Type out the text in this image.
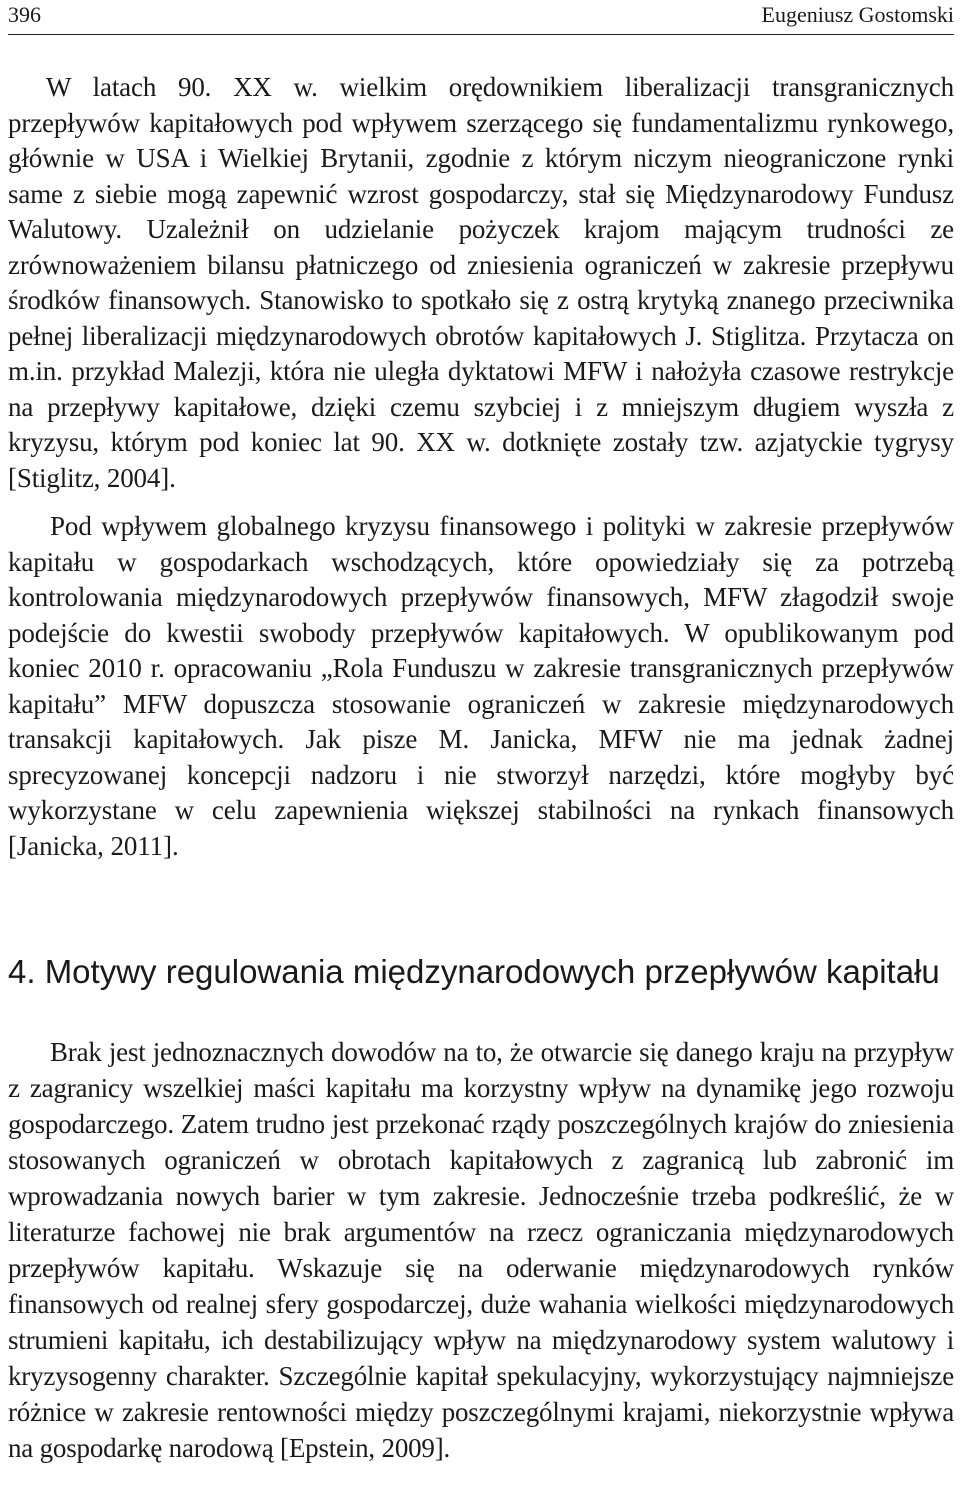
396	Eugeniusz Gostomski

W latach 90. XX w. wielkim orędownikiem liberalizacji transgranicznych przepływów kapitałowych pod wpływem szerzącego się fundamentalizmu rynkowego, głównie w USA i Wielkiej Brytanii, zgodnie z którym niczym nieograniczone rynki same z siebie mogą zapewnić wzrost gospodarczy, stał się Międzynarodowy Fundusz Walutowy. Uzależnił on udzielanie pożyczek krajom mającym trudności ze zrównoważeniem bilansu płatniczego od zniesienia ograniczeń w zakresie przepływu środków finansowych. Stanowisko to spotkało się z ostrą krytyką znanego przeciwnika pełnej liberalizacji międzynarodowych obrotów kapitałowych J. Stiglitza. Przytacza on m.in. przykład Malezji, która nie uległa dyktatowi MFW i nałożyła czasowe restrykcje na przepływy kapitałowe, dzięki czemu szybciej i z mniejszym długiem wyszła z kryzysu, którym pod koniec lat 90. XX w. dotknięte zostały tzw. azjatyckie tygrysy [Stiglitz, 2004].

Pod wpływem globalnego kryzysu finansowego i polityki w zakresie przepływów kapitału w gospodarkach wschodzących, które opowiedziały się za potrzebą kontrolowania międzynarodowych przepływów finansowych, MFW złagodził swoje podejście do kwestii swobody przepływów kapitałowych. W opublikowanym pod koniec 2010 r. opracowaniu „Rola Funduszu w zakresie transgranicznych przepływów kapitału” MFW dopuszcza stosowanie ograniczeń w zakresie międzynarodowych transakcji kapitałowych. Jak pisze M. Janicka, MFW nie ma jednak żadnej sprecyzowanej koncepcji nadzoru i nie stworzył narzędzi, które mogłyby być wykorzystane w celu zapewnienia większej stabilności na rynkach finansowych [Janicka, 2011].

4. Motywy regulowania międzynarodowych przepływów kapitału

Brak jest jednoznacznych dowodów na to, że otwarcie się danego kraju na przypływ z zagranicy wszelkiej maści kapitału ma korzystny wpływ na dynamikę jego rozwoju gospodarczego. Zatem trudno jest przekonać rządy poszczególnych krajów do zniesienia stosowanych ograniczeń w obrotach kapitałowych z zagranicą lub zabronić im wprowadzania nowych barier w tym zakresie. Jednocześnie trzeba podkreślić, że w literaturze fachowej nie brak argumentów na rzecz ograniczania międzynarodowych przepływów kapitału. Wskazuje się na oderwanie międzynarodowych rynków finansowych od realnej sfery gospodarczej, duże wahania wielkości międzynarodowych strumieni kapitału, ich destabilizujący wpływ na międzynarodowy system walutowy i kryzysogenny charakter. Szczególnie kapitał spekulacyjny, wykorzystujący najmniejsze różnice w zakresie rentowności między poszczególnymi krajami, niekorzystnie wpływa na gospodarkę narodową [Epstein, 2009].
